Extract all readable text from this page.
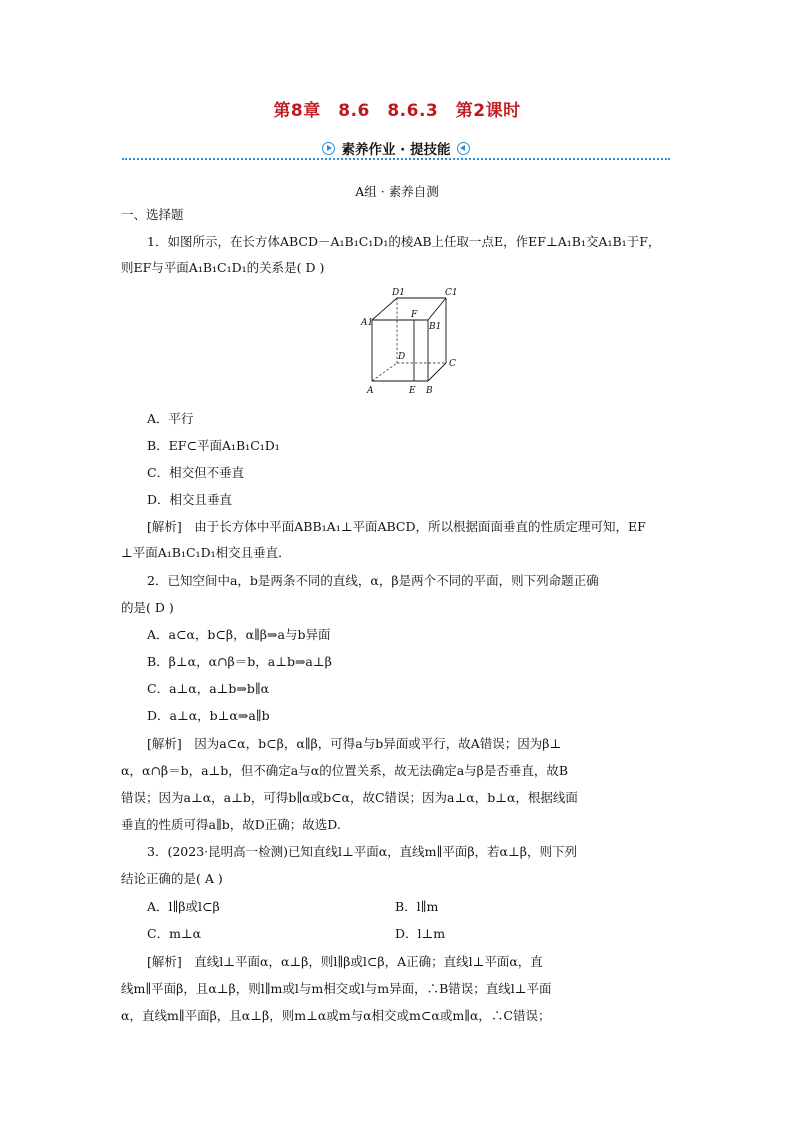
第8章　8.6　8.6.3　第2课时
素养作业 · 提技能
A组 · 素养自测
一、选择题
1．如图所示，在长方体ABCD－A₁B₁C₁D₁的棱AB上任取一点E，作EF⊥A₁B₁交A₁B₁于F，
则EF与平面A₁B₁C₁D₁的关系是( D )
D1	C1
A1
F
B1
D
C
A	E B
A．平行
B．EF⊂平面A₁B₁C₁D₁
C．相交但不垂直
D．相交且垂直
[解析]　由于长方体中平面ABB₁A₁⊥平面ABCD，所以根据面面垂直的性质定理可知，EF
⊥平面A₁B₁C₁D₁相交且垂直．
2．已知空间中a，b是两条不同的直线，α，β是两个不同的平面，则下列命题正确
的是( D )
A．a⊂α，b⊂β，α∥β⇒a与b异面
B．β⊥α，α∩β＝b，a⊥b⇒a⊥β
C．a⊥α，a⊥b⇒b∥α
D．a⊥α，b⊥α⇒a∥b
[解析]　因为a⊂α，b⊂β，α∥β，可得a与b异面或平行，故A错误；因为β⊥
α，α∩β＝b，a⊥b，但不确定a与α的位置关系，故无法确定a与β是否垂直，故B
错误；因为a⊥α，a⊥b，可得b∥α或b⊂α，故C错误；因为a⊥α，b⊥α，根据线面
垂直的性质可得a∥b，故D正确；故选D.
3．(2023·昆明高一检测)已知直线l⊥平面α，直线m∥平面β，若α⊥β，则下列
结论正确的是( A )
A．l∥β或l⊂β	B．l∥m
C．m⊥α	D．l⊥m
[解析]　直线l⊥平面α，α⊥β，则l∥β或l⊂β，A正确；直线l⊥平面α，直
线m∥平面β，且α⊥β，则l∥m或l与m相交或l与m异面，∴B错误；直线l⊥平面
α，直线m∥平面β，且α⊥β，则m⊥α或m与α相交或m⊂α或m∥α，∴C错误；
